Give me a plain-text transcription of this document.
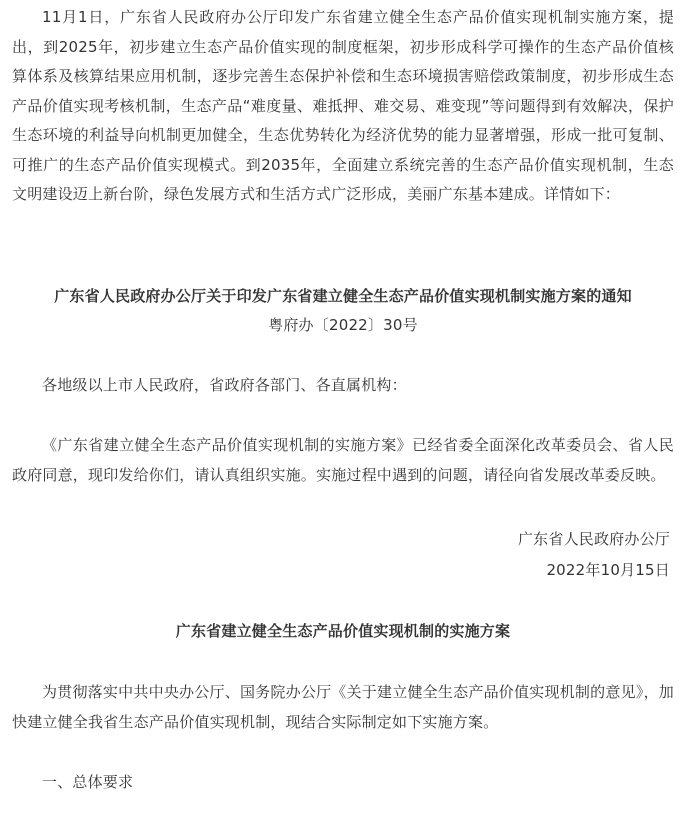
11月1日，广东省人民政府办公厅印发广东省建立健全生态产品价值实现机制实施方案，提出，到2025年，初步建立生态产品价值实现的制度框架，初步形成科学可操作的生态产品价值核算体系及核算结果应用机制，逐步完善生态保护补偿和生态环境损害赔偿政策制度，初步形成生态产品价值实现考核机制，生态产品“难度量、难抵押、难交易、难变现”等问题得到有效解决，保护生态环境的利益导向机制更加健全，生态优势转化为经济优势的能力显著增强，形成一批可复制、可推广的生态产品价值实现模式。到2035年，全面建立系统完善的生态产品价值实现机制，生态文明建设迈上新台阶，绿色发展方式和生活方式广泛形成，美丽广东基本建成。详情如下：

广东省人民政府办公厅关于印发广东省建立健全生态产品价值实现机制实施方案的通知

粤府办〔2022〕30号

各地级以上市人民政府，省政府各部门、各直属机构：

《广东省建立健全生态产品价值实现机制的实施方案》已经省委全面深化改革委员会、省人民政府同意，现印发给你们，请认真组织实施。实施过程中遇到的问题，请径向省发展改革委反映。

广东省人民政府办公厅

2022年10月15日

广东省建立健全生态产品价值实现机制的实施方案

为贯彻落实中共中央办公厅、国务院办公厅《关于建立健全生态产品价值实现机制的意见》，加快建立健全我省生态产品价值实现机制，现结合实际制定如下实施方案。

一、总体要求
